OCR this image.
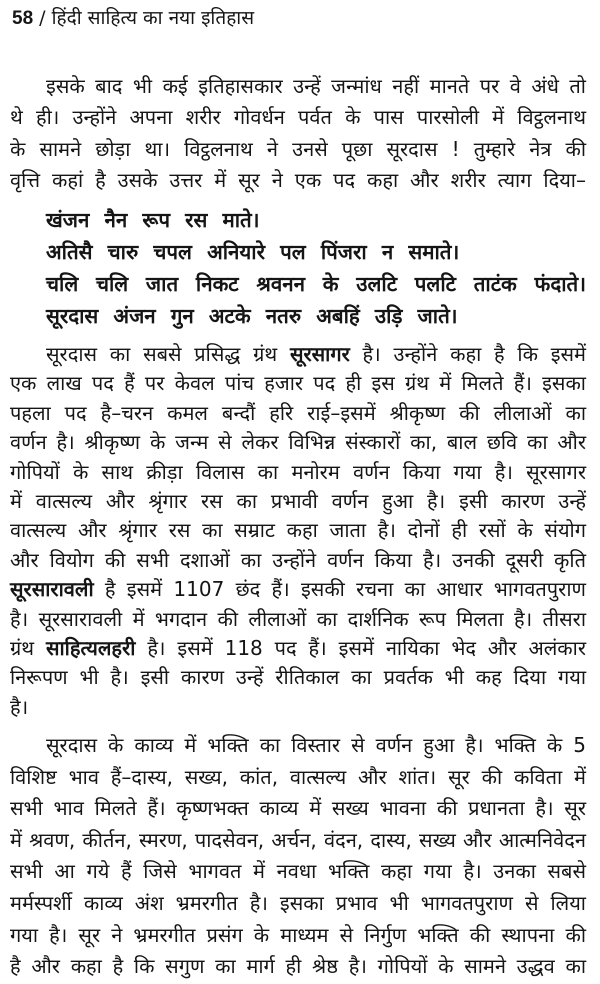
58 / हिंदी साहित्य का नया इतिहास
इसके बाद भी कई इतिहासकार उन्हें जन्मांध नहीं मानते पर वे अंधे तो
थे ही। उन्होंने अपना शरीर गोवर्धन पर्वत के पास पारसोली में विट्ठलनाथ
के सामने छोड़ा था। विट्ठलनाथ ने उनसे पूछा सूरदास ! तुम्हारे नेत्र की
वृत्ति कहां है उसके उत्तर में सूर ने एक पद कहा और शरीर त्याग दिया–
खंजन नैन रूप रस माते।
अतिसै चारु चपल अनियारे पल पिंजरा न समाते।
चलि चलि जात निकट श्रवनन के उलटि पलटि ताटंक फंदाते।
सूरदास अंजन गुन अटके नतरु अबहिं उड़ि जाते।
सूरदास का सबसे प्रसिद्ध ग्रंथ सूरसागर है। उन्होंने कहा है कि इसमें
एक लाख पद हैं पर केवल पांच हजार पद ही इस ग्रंथ में मिलते हैं। इसका
पहला पद है–चरन कमल बन्दौं हरि राई–इसमें श्रीकृष्ण की लीलाओं का
वर्णन है। श्रीकृष्ण के जन्म से लेकर विभिन्न संस्कारों का, बाल छवि का और
गोपियों के साथ क्रीड़ा विलास का मनोरम वर्णन किया गया है। सूरसागर
में वात्सल्य और श्रृंगार रस का प्रभावी वर्णन हुआ है। इसी कारण उन्हें
वात्सल्य और श्रृंगार रस का सम्राट कहा जाता है। दोनों ही रसों के संयोग
और वियोग की सभी दशाओं का उन्होंने वर्णन किया है। उनकी दूसरी कृति
सूरसारावली है इसमें 1107 छंद हैं। इसकी रचना का आधार भागवतपुराण
है। सूरसारावली में भगदान की लीलाओं का दार्शनिक रूप मिलता है। तीसरा
ग्रंथ साहित्यलहरी है। इसमें 118 पद हैं। इसमें नायिका भेद और अलंकार
निरूपण भी है। इसी कारण उन्हें रीतिकाल का प्रवर्तक भी कह दिया गया
है।
सूरदास के काव्य में भक्ति का विस्तार से वर्णन हुआ है। भक्ति के 5
विशिष्ट भाव हैं–दास्य, सख्य, कांत, वात्सल्य और शांत। सूर की कविता में
सभी भाव मिलते हैं। कृष्णभक्त काव्य में सख्य भावना की प्रधानता है। सूर
में श्रवण, कीर्तन, स्मरण, पादसेवन, अर्चन, वंदन, दास्य, सख्य और आत्मनिवेदन
सभी आ गये हैं जिसे भागवत में नवधा भक्ति कहा गया है। उनका सबसे
मर्मस्पर्शी काव्य अंश भ्रमरगीत है। इसका प्रभाव भी भागवतपुराण से लिया
गया है। सूर ने भ्रमरगीत प्रसंग के माध्यम से निर्गुण भक्ति की स्थापना की
है और कहा है कि सगुण का मार्ग ही श्रेष्ठ है। गोपियों के सामने उद्धव का
